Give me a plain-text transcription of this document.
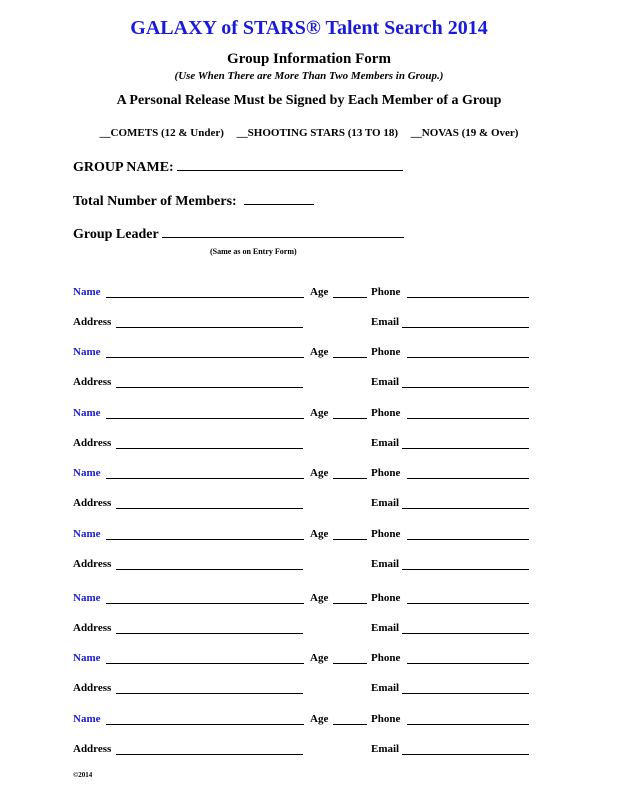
GALAXY of STARS® Talent Search 2014
Group Information Form
(Use When There are More Than Two Members in Group.)
A Personal Release Must be Signed by Each Member of a Group
__COMETS (12 & Under) __SHOOTING STARS (13 TO 18) __NOVAS (19 & Over)
GROUP NAME:
Total Number of Members:
Group Leader
(Same as on Entry Form)
Name	Age	Phone
Address	Email
Name	Age	Phone
Address	Email
Name	Age	Phone
Address	Email
Name	Age	Phone
Address	Email
Name	Age	Phone
Address	Email
Name	Age	Phone
Address	Email
Name	Age	Phone
Address	Email
Name	Age	Phone
Address	Email
©2014
